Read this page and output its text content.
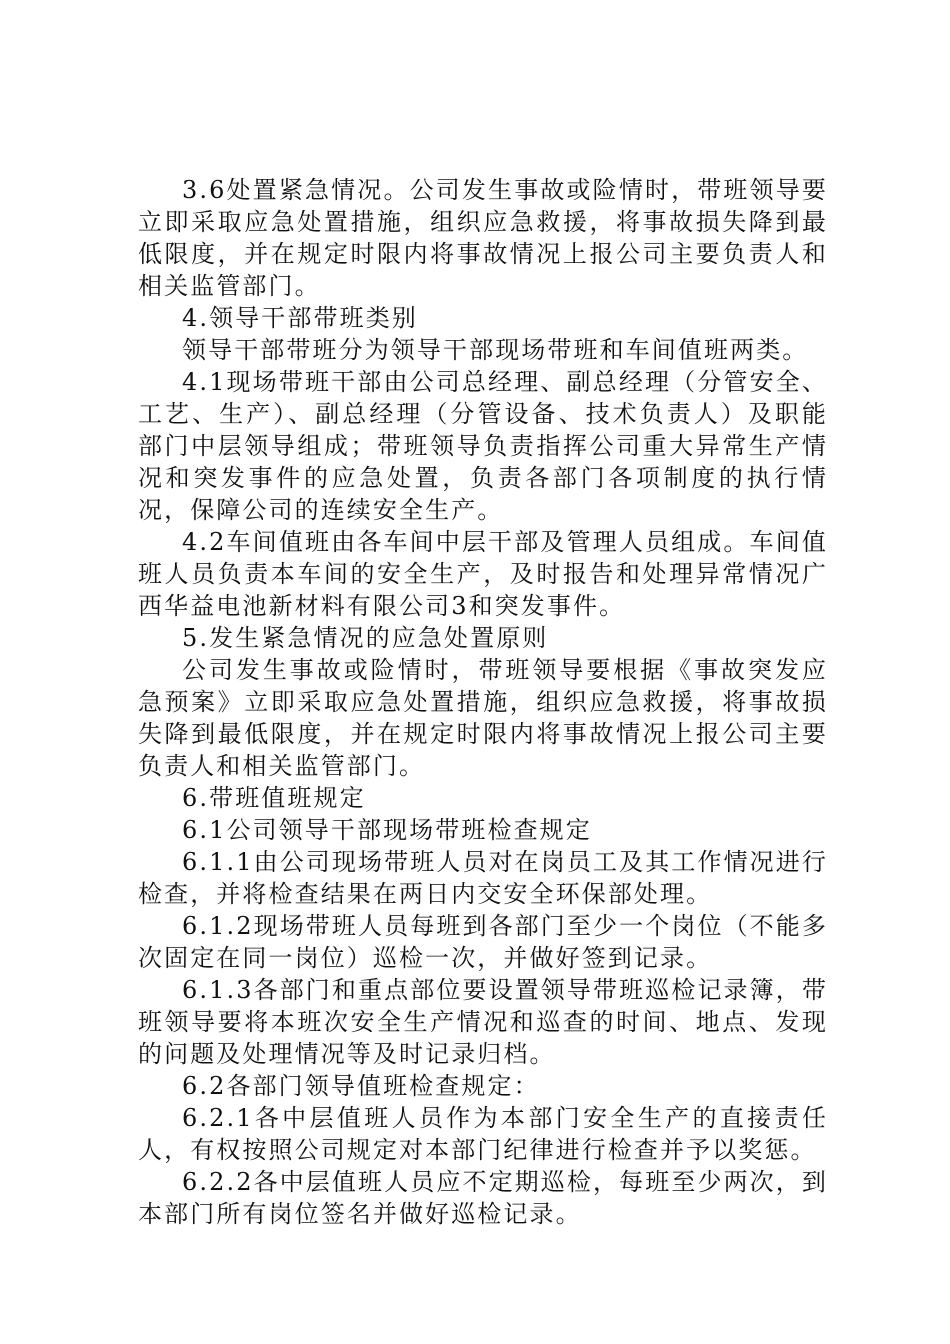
3.6处置紧急情况。公司发生事故或险情时，带班领导要立即采取应急处置措施，组织应急救援，将事故损失降到最低限度，并在规定时限内将事故情况上报公司主要负责人和相关监管部门。

4.领导干部带班类别

领导干部带班分为领导干部现场带班和车间值班两类。

4.1现场带班干部由公司总经理、副总经理（分管安全、工艺、生产）、副总经理（分管设备、技术负责人）及职能部门中层领导组成；带班领导负责指挥公司重大异常生产情况和突发事件的应急处置，负责各部门各项制度的执行情况，保障公司的连续安全生产。

4.2车间值班由各车间中层干部及管理人员组成。车间值班人员负责本车间的安全生产，及时报告和处理异常情况广西华益电池新材料有限公司3和突发事件。

5.发生紧急情况的应急处置原则

公司发生事故或险情时，带班领导要根据《事故突发应急预案》立即采取应急处置措施，组织应急救援，将事故损失降到最低限度，并在规定时限内将事故情况上报公司主要负责人和相关监管部门。

6.带班值班规定

6.1公司领导干部现场带班检查规定

6.1.1由公司现场带班人员对在岗员工及其工作情况进行检查，并将检查结果在两日内交安全环保部处理。

6.1.2现场带班人员每班到各部门至少一个岗位（不能多次固定在同一岗位）巡检一次，并做好签到记录。

6.1.3各部门和重点部位要设置领导带班巡检记录簿，带班领导要将本班次安全生产情况和巡查的时间、地点、发现的问题及处理情况等及时记录归档。

6.2各部门领导值班检查规定：

6.2.1各中层值班人员作为本部门安全生产的直接责任人，有权按照公司规定对本部门纪律进行检查并予以奖惩。

6.2.2各中层值班人员应不定期巡检，每班至少两次，到本部门所有岗位签名并做好巡检记录。
